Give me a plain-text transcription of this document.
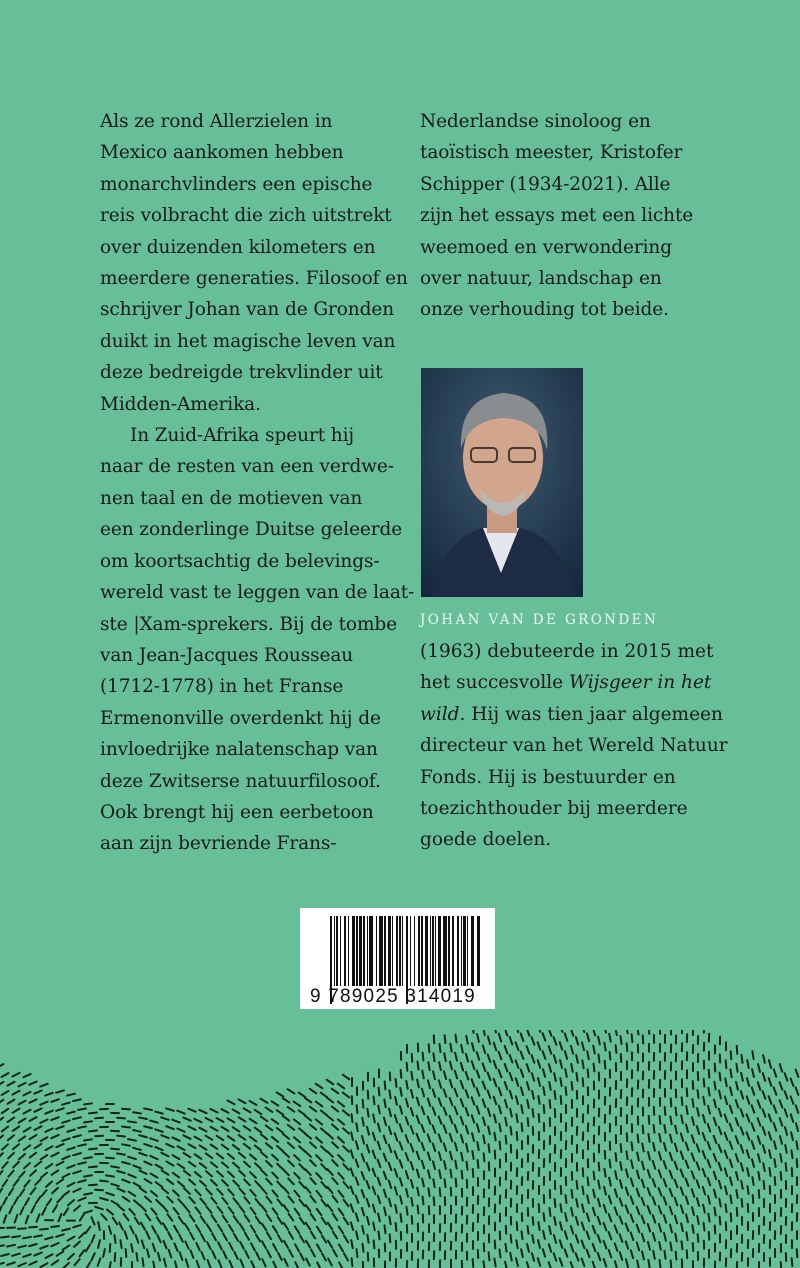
Als ze rond Allerzielen in
Mexico aankomen hebben
monarchvlinders een epische
reis volbracht die zich uitstrekt
over duizenden kilometers en
meerdere generaties. Filosoof en
schrijver Johan van de Gronden
duikt in het magische leven van
deze bedreigde trekvlinder uit
Midden-Amerika.
In Zuid-Afrika speurt hij
naar de resten van een verdwe-
nen taal en de motieven van
een zonderlinge Duitse geleerde
om koortsachtig de belevings-
wereld vast te leggen van de laat-
ste |Xam-sprekers. Bij de tombe
van Jean-Jacques Rousseau
(1712-1778) in het Franse
Ermenonville overdenkt hij de
invloedrijke nalatenschap van
deze Zwitserse natuurfilosoof.
Ook brengt hij een eerbetoon
aan zijn bevriende Frans-
Nederlandse sinoloog en
taoïstisch meester, Kristofer
Schipper (1934-2021). Alle
zijn het essays met een lichte
weemoed en verwondering
over natuur, landschap en
onze verhouding tot beide.
JOHAN VAN DE GRONDEN
(1963) debuteerde in 2015 met
het succesvolle Wijsgeer in het
wild. Hij was tien jaar algemeen
directeur van het Wereld Natuur
Fonds. Hij is bestuurder en
toezichthouder bij meerdere
goede doelen.
9 789025 314019
